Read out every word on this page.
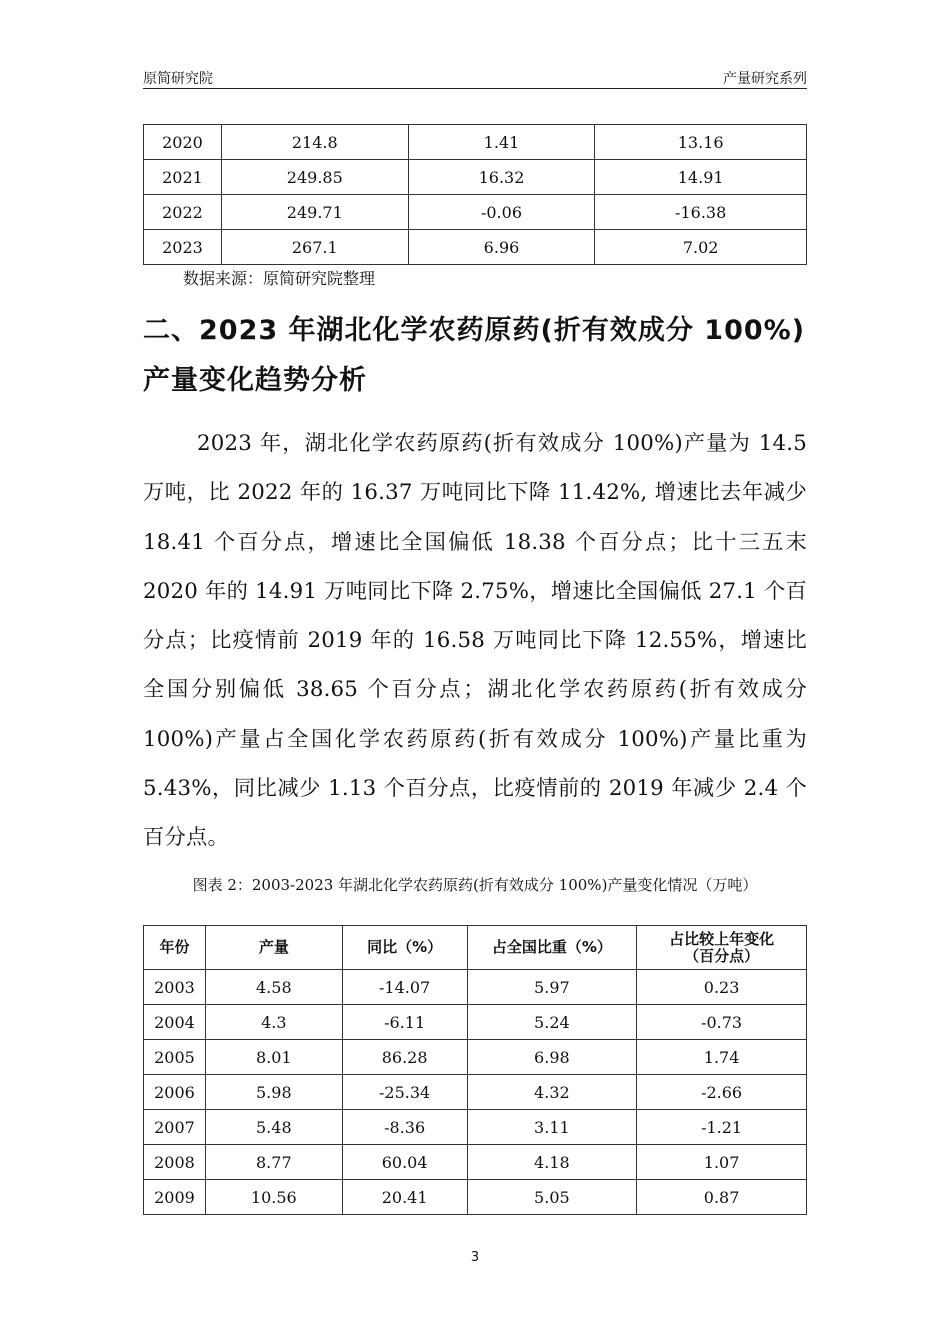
原简研究院	产量研究系列
2020	214.8	1.41	13.16
2021	249.85	16.32	14.91
2022	249.71	-0.06	-16.38
2023	267.1	6.96	7.02
数据来源：原简研究院整理
二、2023 年湖北化学农药原药(折有效成分 100%)产量变化趋势分析
2023 年，湖北化学农药原药(折有效成分 100%)产量为 14.5 万吨，比 2022 年的 16.37 万吨同比下降 11.42%, 增速比去年减少 18.41 个百分点，增速比全国偏低 18.38 个百分点；比十三五末 2020 年的 14.91 万吨同比下降 2.75%，增速比全国偏低 27.1 个百分点；比疫情前 2019 年的 16.58 万吨同比下降 12.55%，增速比全国分别偏低 38.65 个百分点；湖北化学农药原药(折有效成分 100%)产量占全国化学农药原药(折有效成分 100%)产量比重为 5.43%，同比减少 1.13 个百分点，比疫情前的 2019 年减少 2.4 个百分点。
图表 2：2003-2023 年湖北化学农药原药(折有效成分 100%)产量变化情况（万吨）
年份	产量	同比（%）	占全国比重（%）	占比较上年变化（百分点）
2003	4.58	-14.07	5.97	0.23
2004	4.3	-6.11	5.24	-0.73
2005	8.01	86.28	6.98	1.74
2006	5.98	-25.34	4.32	-2.66
2007	5.48	-8.36	3.11	-1.21
2008	8.77	60.04	4.18	1.07
2009	10.56	20.41	5.05	0.87
3
